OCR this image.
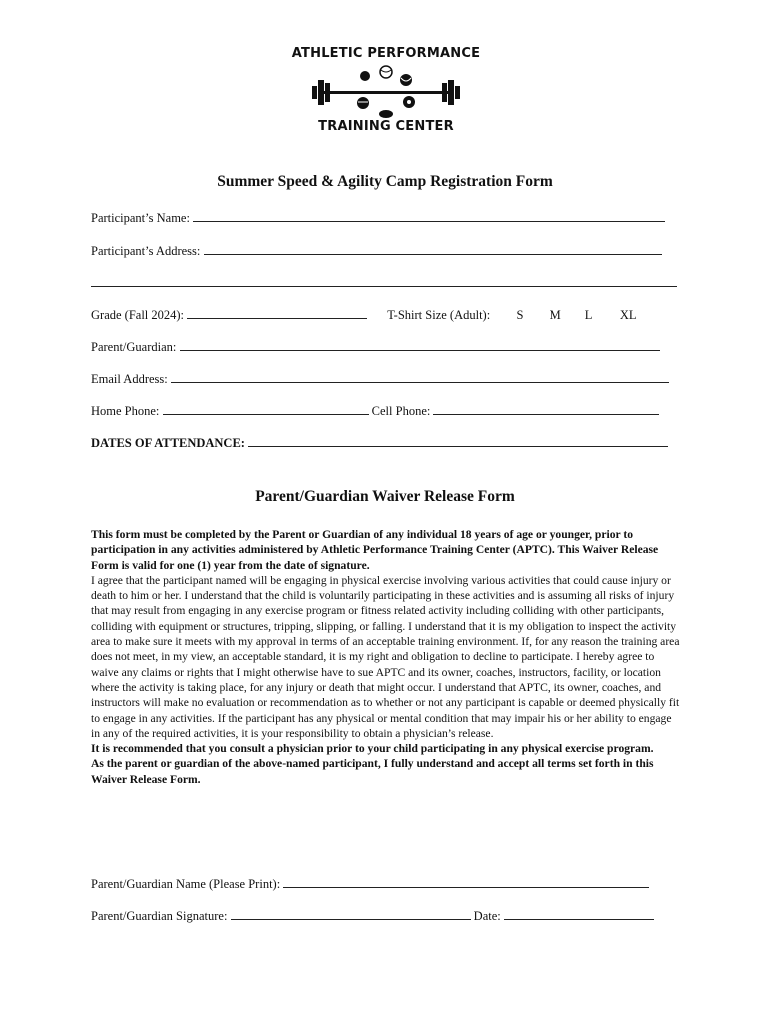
ATHLETIC PERFORMANCE
TRAINING CENTER
Summer Speed & Agility Camp Registration Form
Participant’s Name:
Participant’s Address:
Grade (Fall 2024):	T-Shirt Size (Adult): S M L XL
Parent/Guardian:
Email Address:
Home Phone:	Cell Phone:
DATES OF ATTENDANCE:
Parent/Guardian Waiver Release Form

This form must be completed by the Parent or Guardian of any individual 18 years of age or younger, prior to participation in any activities administered by Athletic Performance Training Center (APTC). This Waiver Release Form is valid for one (1) year from the date of signature.

I agree that the participant named will be engaging in physical exercise involving various activities that could cause injury or death to him or her. I understand that the child is voluntarily participating in these activities and is assuming all risks of injury that may result from engaging in any exercise program or fitness related activity including colliding with other participants, colliding with equipment or structures, tripping, slipping, or falling. I understand that it is my obligation to inspect the activity area to make sure it meets with my approval in terms of an acceptable training environment. If, for any reason the training area does not meet, in my view, an acceptable standard, it is my right and obligation to decline to participate. I hereby agree to waive any claims or rights that I might otherwise have to sue APTC and its owner, coaches, instructors, facility, or location where the activity is taking place, for any injury or death that might occur. I understand that APTC, its owner, coaches, and instructors will make no evaluation or recommendation as to whether or not any participant is capable or deemed physically fit to engage in any activities. If the participant has any physical or mental condition that may impair his or her ability to engage in any of the required activities, it is your responsibility to obtain a physician’s release.

It is recommended that you consult a physician prior to your child participating in any physical exercise program.

As the parent or guardian of the above-named participant, I fully understand and accept all terms set forth in this Waiver Release Form.

Parent/Guardian Name (Please Print):
Parent/Guardian Signature:	Date:
